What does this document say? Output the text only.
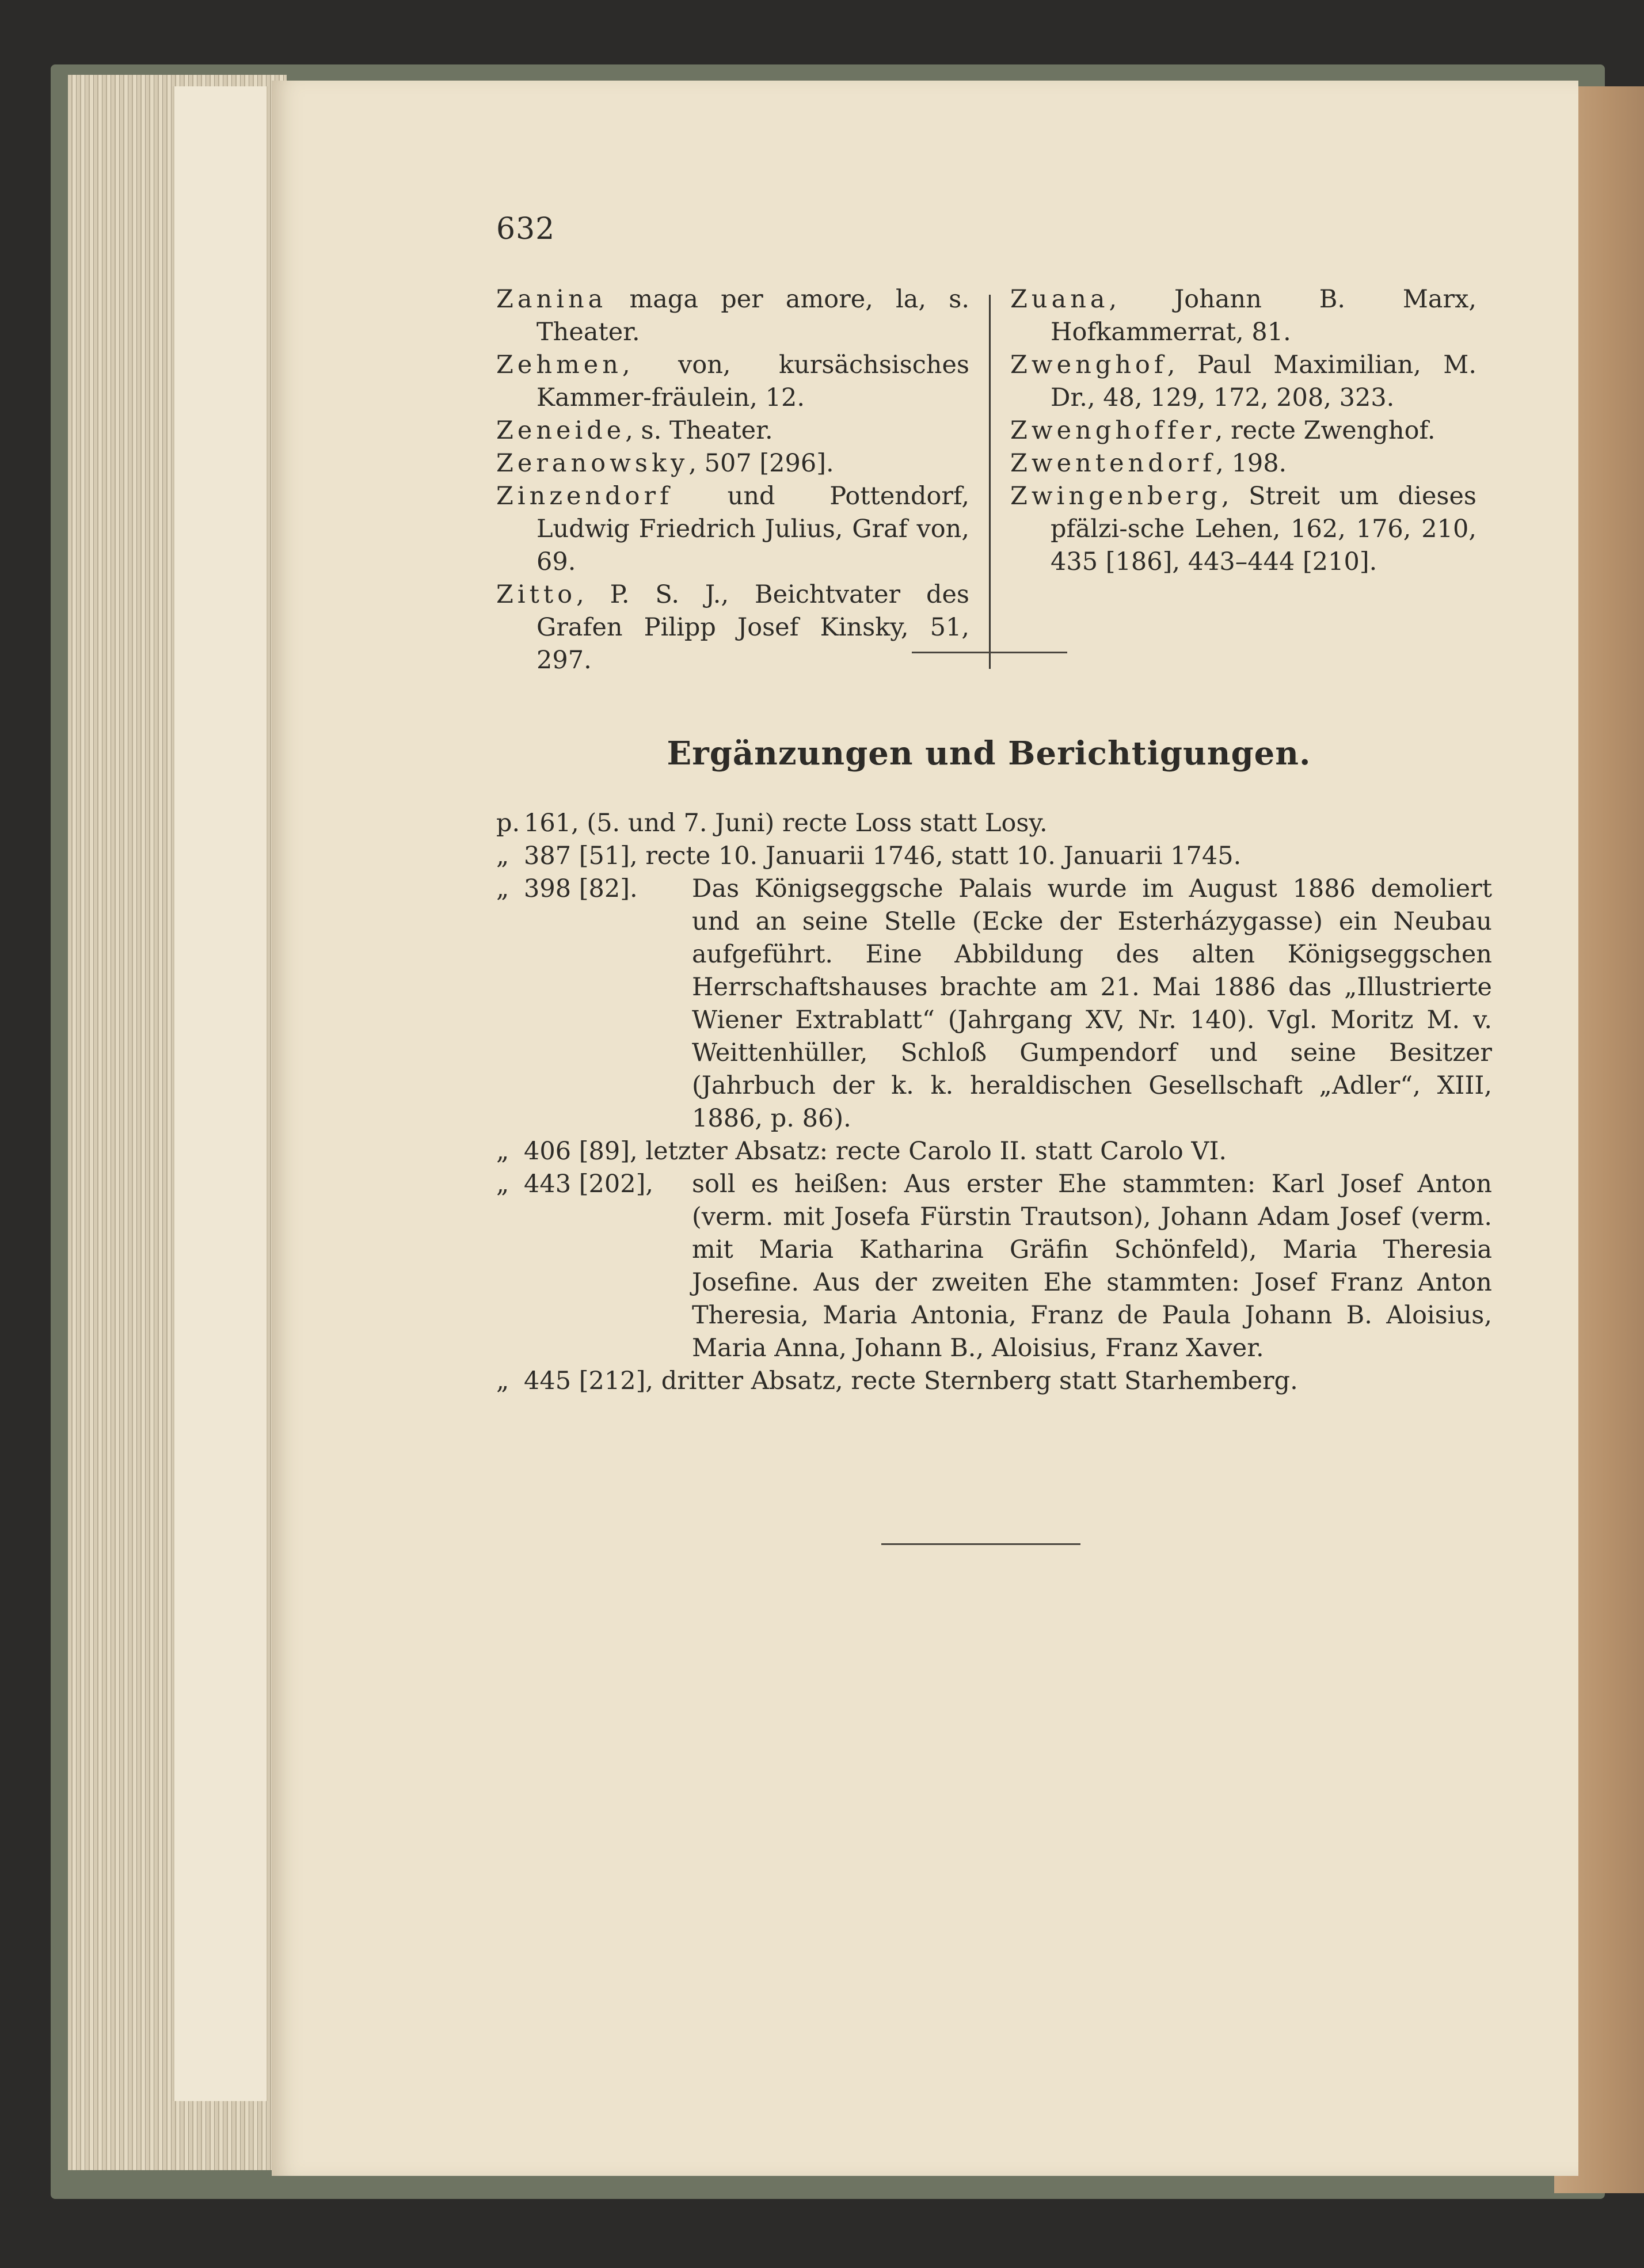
632
Zanina maga per amore, la, s. Theater.
Zehmen, von, kursächsisches Kammer-fräulein, 12.
Zeneide, s. Theater.
Zeranowsky, 507 [296].
Zinzendorf und Pottendorf, Ludwig Friedrich Julius, Graf von, 69.
Zitto, P. S. J., Beichtvater des Grafen Pilipp Josef Kinsky, 51, 297.
Zuana, Johann B. Marx, Hofkammerrat, 81.
Zwenghof, Paul Maximilian, M. Dr., 48, 129, 172, 208, 323.
Zwenghoffer, recte Zwenghof.
Zwentendorf, 198.
Zwingenberg, Streit um dieses pfälzi-sche Lehen, 162, 176, 210, 435 [186], 443–444 [210].
Ergänzungen und Berichtigungen.
p. 161, (5. und 7. Juni) recte Loss statt Losy.
„ 387 [51], recte 10. Januarii 1746, statt 10. Januarii 1745.
„ 398 [82].	Das Königseggsche Palais wurde im August 1886 demoliert und an seine Stelle (Ecke der Esterházygasse) ein Neubau aufgeführt. Eine Abbildung des alten Königseggschen Herrschaftshauses brachte am 21. Mai 1886 das „Illustrierte Wiener Extrablatt“ (Jahrgang XV, Nr. 140). Vgl. Moritz M. v. Weittenhüller, Schloß Gumpendorf und seine Besitzer (Jahrbuch der k. k. heraldischen Gesellschaft „Adler“, XIII, 1886, p. 86).
„ 406 [89], letzter Absatz: recte Carolo II. statt Carolo VI.
„ 443 [202],	soll es heißen: Aus erster Ehe stammten: Karl Josef Anton (verm. mit Josefa Fürstin Trautson), Johann Adam Josef (verm. mit Maria Katharina Gräfin Schönfeld), Maria Theresia Josefine. Aus der zweiten Ehe stammten: Josef Franz Anton Theresia, Maria Antonia, Franz de Paula Johann B. Aloisius, Maria Anna, Johann B., Aloisius, Franz Xaver.
„ 445 [212], dritter Absatz, recte Sternberg statt Starhemberg.
